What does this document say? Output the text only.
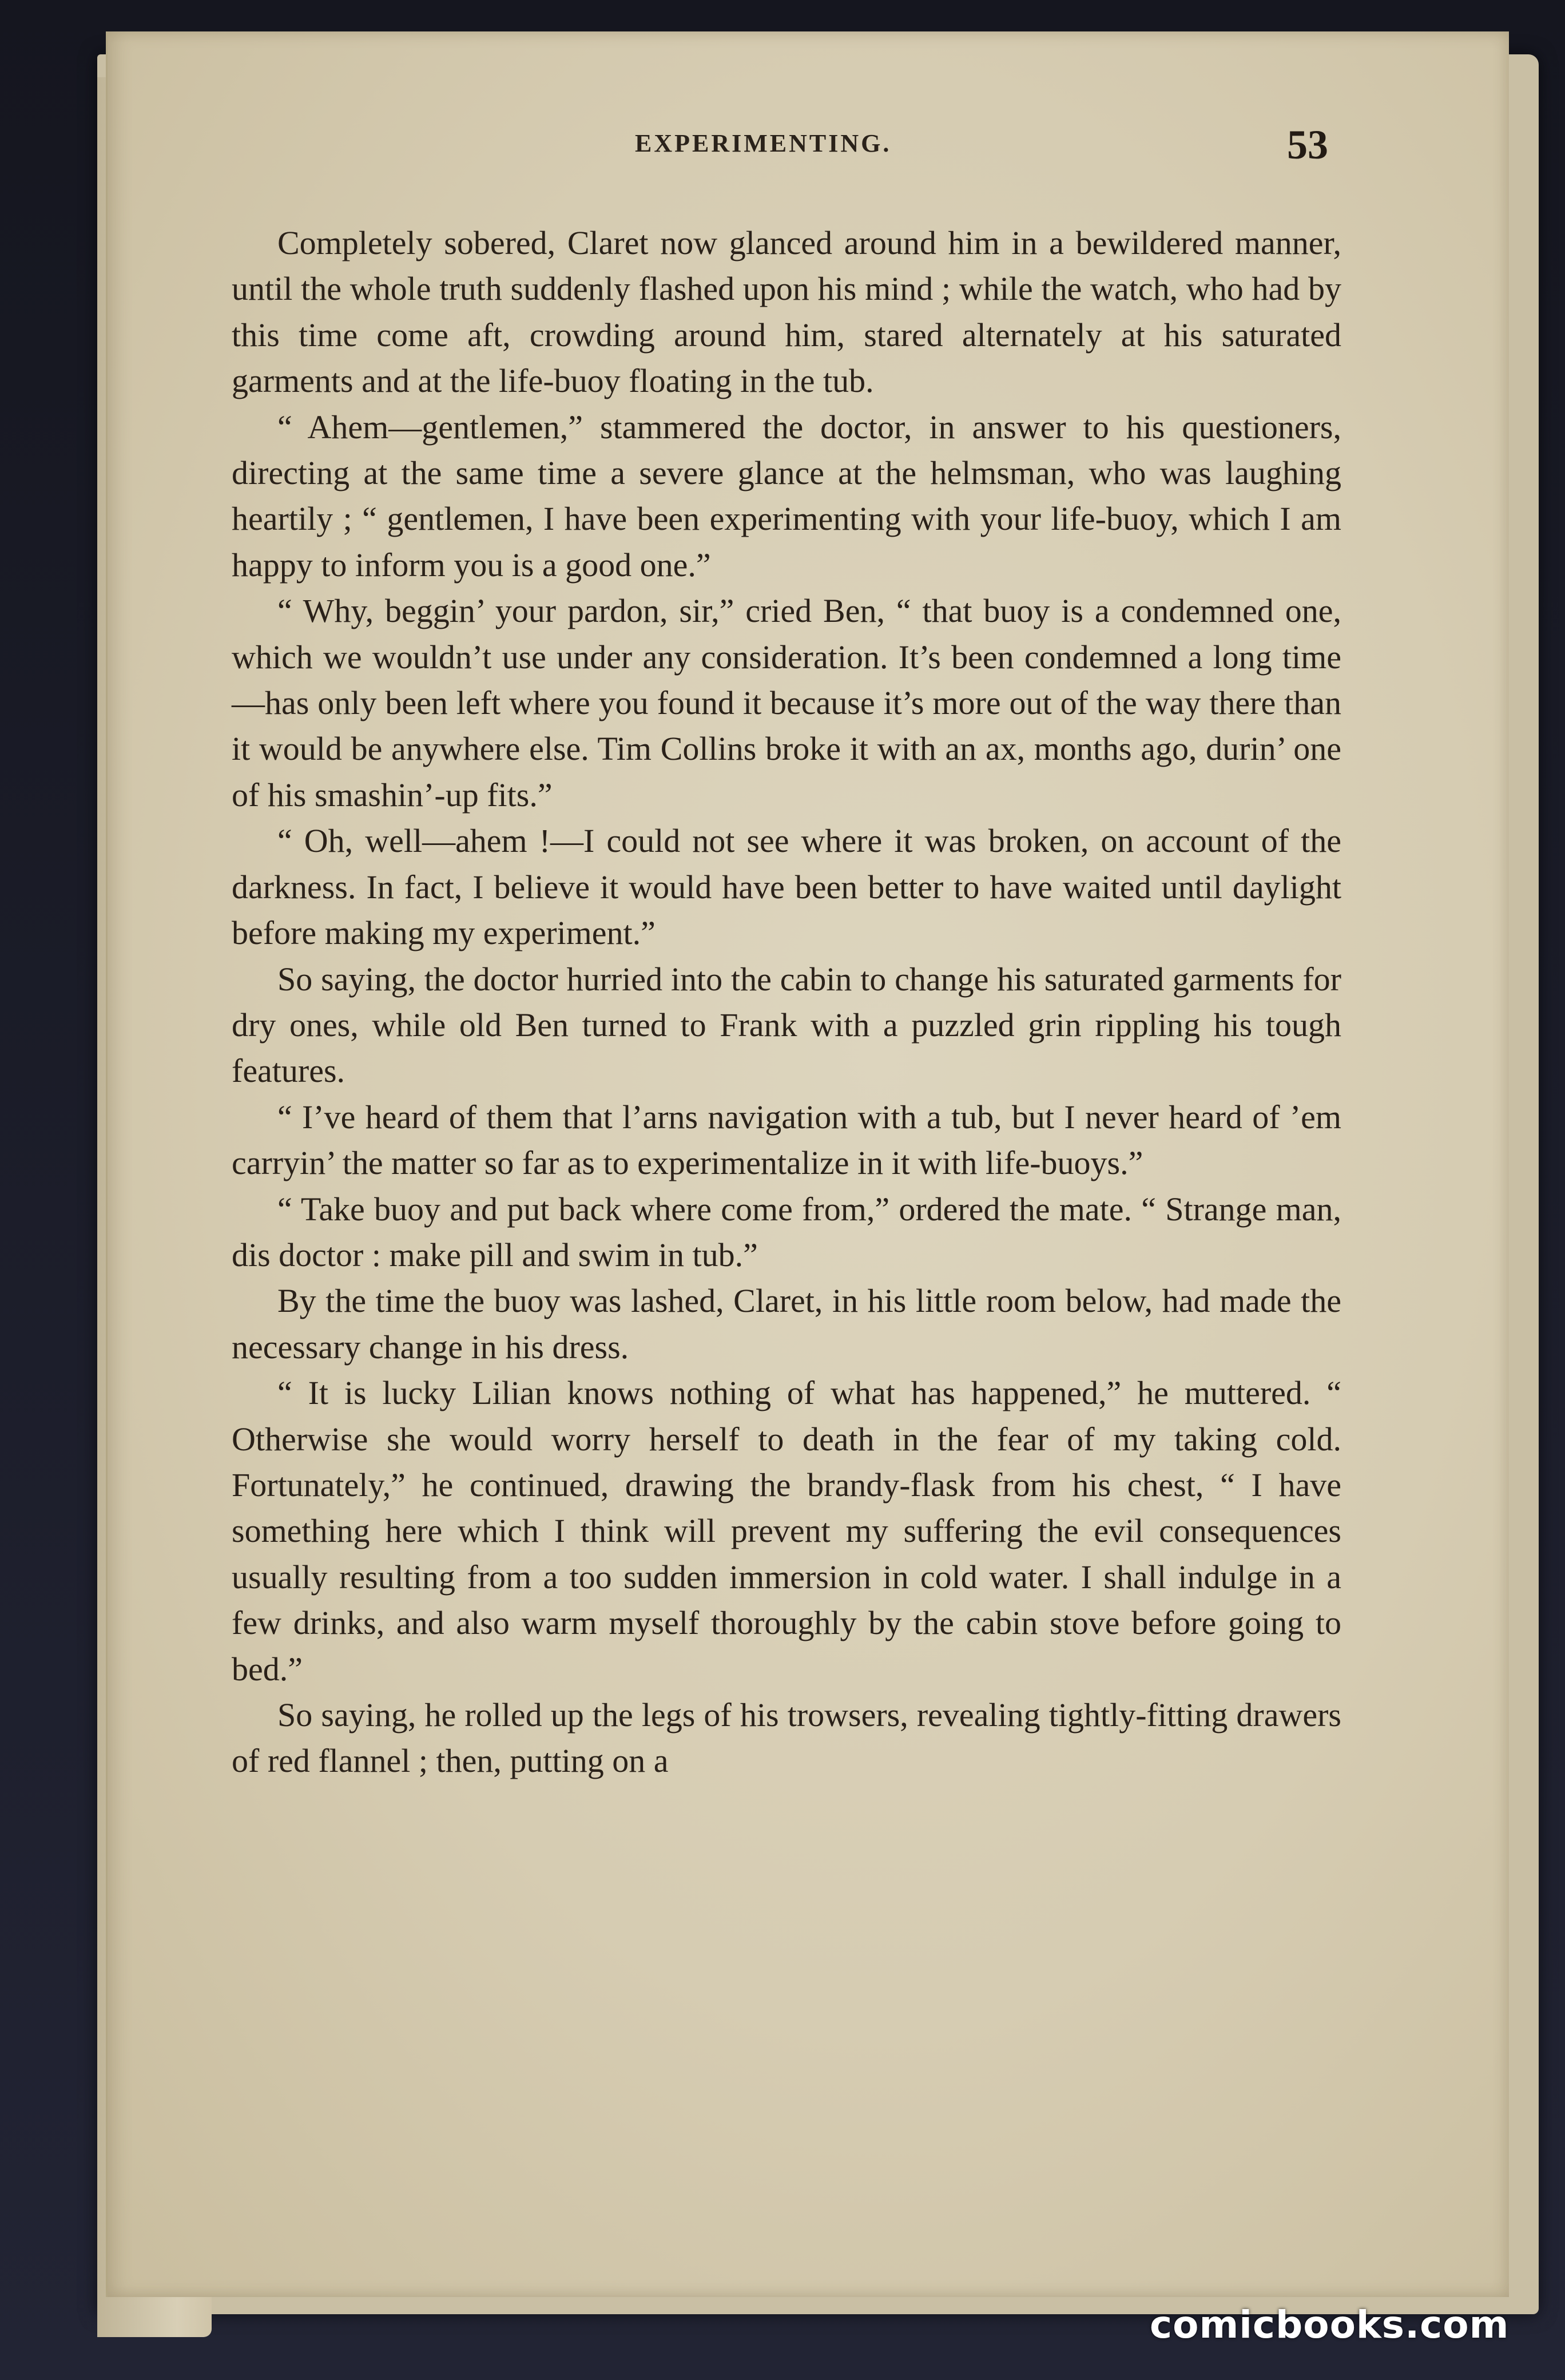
EXPERIMENTING.	53

Completely sobered, Claret now glanced around him in a bewildered manner, until the whole truth suddenly flashed upon his mind ; while the watch, who had by this time come aft, crowding around him, stared alternately at his saturated garments and at the life-buoy floating in the tub.

“ Ahem—gentlemen,” stammered the doctor, in answer to his questioners, directing at the same time a severe glance at the helmsman, who was laughing heartily ; “ gentlemen, I have been experimenting with your life-buoy, which I am happy to inform you is a good one.”

“ Why, beggin’ your pardon, sir,” cried Ben, “ that buoy is a condemned one, which we wouldn’t use under any consideration. It’s been condemned a long time—has only been left where you found it because it’s more out of the way there than it would be anywhere else. Tim Collins broke it with an ax, months ago, durin’ one of his smashin’-up fits.”

“ Oh, well—ahem !—I could not see where it was broken, on account of the darkness. In fact, I believe it would have been better to have waited until daylight before making my experiment.”

So saying, the doctor hurried into the cabin to change his saturated garments for dry ones, while old Ben turned to Frank with a puzzled grin rippling his tough features.

“ I’ve heard of them that l’arns navigation with a tub, but I never heard of ’em carryin’ the matter so far as to experimentalize in it with life-buoys.”

“ Take buoy and put back where come from,” ordered the mate. “ Strange man, dis doctor : make pill and swim in tub.”

By the time the buoy was lashed, Claret, in his little room below, had made the necessary change in his dress.

“ It is lucky Lilian knows nothing of what has happened,” he muttered. “ Otherwise she would worry herself to death in the fear of my taking cold. Fortunately,” he continued, drawing the brandy-flask from his chest, “ I have something here which I think will prevent my suffering the evil consequences usually resulting from a too sudden immersion in cold water. I shall indulge in a few drinks, and also warm myself thoroughly by the cabin stove before going to bed.”

So saying, he rolled up the legs of his trowsers, revealing tightly-fitting drawers of red flannel ; then, putting on a

comicbooks.com
